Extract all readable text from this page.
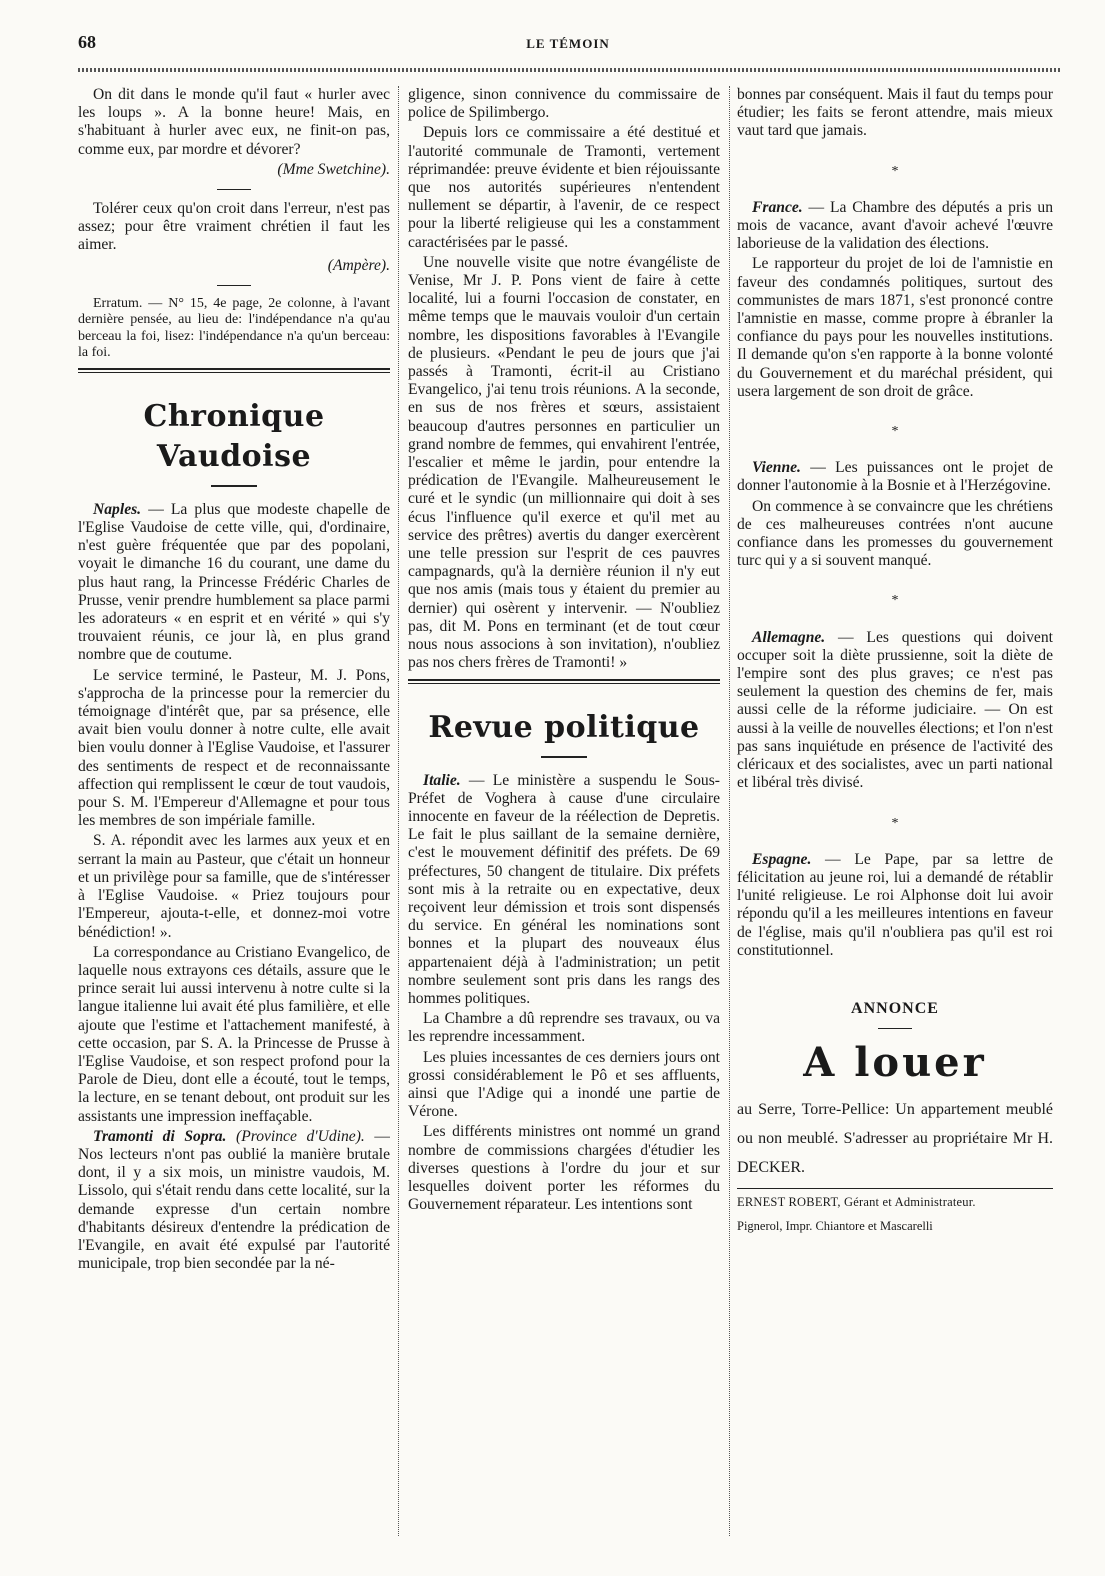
68	LE TÉMOIN

On dit dans le monde qu'il faut « hurler avec les loups ». A la bonne heure! Mais, en s'habituant à hurler avec eux, ne finit-on pas, comme eux, par mordre et dévorer?

(Mme Swetchine).

Tolérer ceux qu'on croit dans l'erreur, n'est pas assez; pour être vraiment chrétien il faut les aimer.

(Ampère).

Erratum. — N° 15, 4e page, 2e colonne, à l'avant dernière pensée, au lieu de: l'indépendance n'a qu'au berceau la foi, lisez: l'indépendance n'a qu'un berceau: la foi.

Chronique Vaudoise

Naples. — La plus que modeste chapelle de l'Eglise Vaudoise de cette ville, qui, d'ordinaire, n'est guère fréquentée que par des popolani, voyait le dimanche 16 du courant, une dame du plus haut rang, la Princesse Frédéric Charles de Prusse, venir prendre humblement sa place parmi les adorateurs « en esprit et en vérité » qui s'y trouvaient réunis, ce jour là, en plus grand nombre que de coutume.

Le service terminé, le Pasteur, M. J. Pons, s'approcha de la princesse pour la remercier du témoignage d'intérêt que, par sa présence, elle avait bien voulu donner à notre culte, elle avait bien voulu donner à l'Eglise Vaudoise, et l'assurer des sentiments de respect et de reconnaissante affection qui remplissent le cœur de tout vaudois, pour S. M. l'Empereur d'Allemagne et pour tous les membres de son impériale famille.

S. A. répondit avec les larmes aux yeux et en serrant la main au Pasteur, que c'était un honneur et un privilège pour sa famille, que de s'intéresser à l'Eglise Vaudoise. « Priez toujours pour l'Empereur, ajouta-t-elle, et donnez-moi votre bénédiction! ».

La correspondance au Cristiano Evangelico, de laquelle nous extrayons ces détails, assure que le prince serait lui aussi intervenu à notre culte si la langue italienne lui avait été plus familière, et elle ajoute que l'estime et l'attachement manifesté, à cette occasion, par S. A. la Princesse de Prusse à l'Eglise Vaudoise, et son respect profond pour la Parole de Dieu, dont elle a écouté, tout le temps, la lecture, en se tenant debout, ont produit sur les assistants une impression ineffaçable.

Tramonti di Sopra. (Province d'Udine). — Nos lecteurs n'ont pas oublié la manière brutale dont, il y a six mois, un ministre vaudois, M. Lissolo, qui s'était rendu dans cette localité, sur la demande expresse d'un certain nombre d'habitants désireux d'entendre la prédication de l'Evangile, en avait été expulsé par l'autorité municipale, trop bien secondée par la né-

gligence, sinon connivence du commissaire de police de Spilimbergo.

Depuis lors ce commissaire a été destitué et l'autorité communale de Tramonti, vertement réprimandée: preuve évidente et bien réjouissante que nos autorités supérieures n'entendent nullement se départir, à l'avenir, de ce respect pour la liberté religieuse qui les a constamment caractérisées par le passé.

Une nouvelle visite que notre évangéliste de Venise, Mr J. P. Pons vient de faire à cette localité, lui a fourni l'occasion de constater, en même temps que le mauvais vouloir d'un certain nombre, les dispositions favorables à l'Evangile de plusieurs. «Pendant le peu de jours que j'ai passés à Tramonti, écrit-il au Cristiano Evangelico, j'ai tenu trois réunions. A la seconde, en sus de nos frères et sœurs, assistaient beaucoup d'autres personnes en particulier un grand nombre de femmes, qui envahirent l'entrée, l'escalier et même le jardin, pour entendre la prédication de l'Evangile. Malheureusement le curé et le syndic (un millionnaire qui doit à ses écus l'influence qu'il exerce et qu'il met au service des prêtres) avertis du danger exercèrent une telle pression sur l'esprit de ces pauvres campagnards, qu'à la dernière réunion il n'y eut que nos amis (mais tous y étaient du premier au dernier) qui osèrent y intervenir. — N'oubliez pas, dit M. Pons en terminant (et de tout cœur nous nous associons à son invitation), n'oubliez pas nos chers frères de Tramonti! »

Revue politique

Italie. — Le ministère a suspendu le Sous-Préfet de Voghera à cause d'une circulaire innocente en faveur de la réélection de Depretis. Le fait le plus saillant de la semaine dernière, c'est le mouvement définitif des préfets. De 69 préfectures, 50 changent de titulaire. Dix préfets sont mis à la retraite ou en expectative, deux reçoivent leur démission et trois sont dispensés du service. En général les nominations sont bonnes et la plupart des nouveaux élus appartenaient déjà à l'administration; un petit nombre seulement sont pris dans les rangs des hommes politiques.

La Chambre a dû reprendre ses travaux, ou va les reprendre incessamment.

Les pluies incessantes de ces derniers jours ont grossi considérablement le Pô et ses affluents, ainsi que l'Adige qui a inondé une partie de Vérone.

Les différents ministres ont nommé un grand nombre de commissions chargées d'étudier les diverses questions à l'ordre du jour et sur lesquelles doivent porter les réformes du Gouvernement réparateur. Les intentions sont

bonnes par conséquent. Mais il faut du temps pour étudier; les faits se feront attendre, mais mieux vaut tard que jamais.

*

France. — La Chambre des députés a pris un mois de vacance, avant d'avoir achevé l'œuvre laborieuse de la validation des élections.

Le rapporteur du projet de loi de l'amnistie en faveur des condamnés politiques, surtout des communistes de mars 1871, s'est prononcé contre l'amnistie en masse, comme propre à ébranler la confiance du pays pour les nouvelles institutions. Il demande qu'on s'en rapporte à la bonne volonté du Gouvernement et du maréchal président, qui usera largement de son droit de grâce.

*

Vienne. — Les puissances ont le projet de donner l'autonomie à la Bosnie et à l'Herzégovine.

On commence à se convaincre que les chrétiens de ces malheureuses contrées n'ont aucune confiance dans les promesses du gouvernement turc qui y a si souvent manqué.

*

Allemagne. — Les questions qui doivent occuper soit la diète prussienne, soit la diète de l'empire sont des plus graves; ce n'est pas seulement la question des chemins de fer, mais aussi celle de la réforme judiciaire. — On est aussi à la veille de nouvelles élections; et l'on n'est pas sans inquiétude en présence de l'activité des cléricaux et des socialistes, avec un parti national et libéral très divisé.

*

Espagne. — Le Pape, par sa lettre de félicitation au jeune roi, lui a demandé de rétablir l'unité religieuse. Le roi Alphonse doit lui avoir répondu qu'il a les meilleures intentions en faveur de l'église, mais qu'il n'oubliera pas qu'il est roi constitutionnel.

ANNONCE
A louer
au Serre, Torre-Pellice: Un appartement meublé ou non meublé. S'adresser au propriétaire Mr H. DECKER.
ERNEST ROBERT, Gérant et Administrateur.
Pignerol, Impr. Chiantore et Mascarelli
